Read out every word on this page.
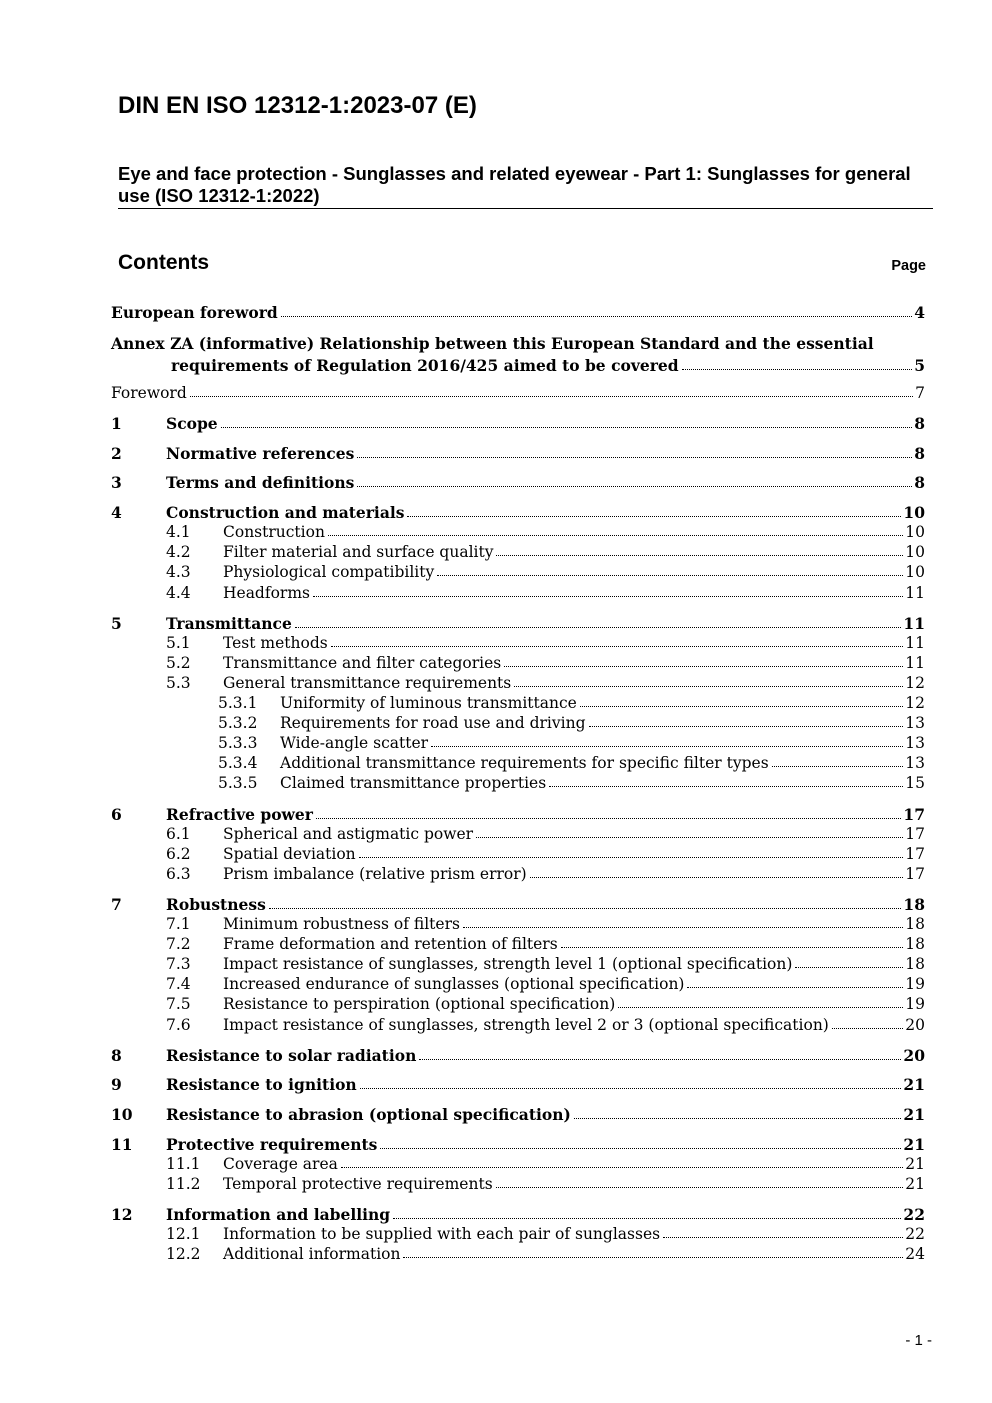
DIN EN ISO 12312-1:2023-07 (E)
Eye and face protection - Sunglasses and related eyewear - Part 1: Sunglasses for general use (ISO 12312-1:2022)
Contents	Page
European foreword	4
Annex ZA (informative) Relationship between this European Standard and the essential
requirements of Regulation 2016/425 aimed to be covered	5
Foreword	7
1	Scope	8
2	Normative references	8
3	Terms and definitions	8
4	Construction and materials	10
4.1	Construction	10
4.2	Filter material and surface quality	10
4.3	Physiological compatibility	10
4.4	Headforms	11
5	Transmittance	11
5.1	Test methods	11
5.2	Transmittance and filter categories	11
5.3	General transmittance requirements	12
5.3.1	Uniformity of luminous transmittance	12
5.3.2	Requirements for road use and driving	13
5.3.3	Wide-angle scatter	13
5.3.4	Additional transmittance requirements for specific filter types	13
5.3.5	Claimed transmittance properties	15
6	Refractive power	17
6.1	Spherical and astigmatic power	17
6.2	Spatial deviation	17
6.3	Prism imbalance (relative prism error)	17
7	Robustness	18
7.1	Minimum robustness of filters	18
7.2	Frame deformation and retention of filters	18
7.3	Impact resistance of sunglasses, strength level 1 (optional specification)	18
7.4	Increased endurance of sunglasses (optional specification)	19
7.5	Resistance to perspiration (optional specification)	19
7.6	Impact resistance of sunglasses, strength level 2 or 3 (optional specification)	20
8	Resistance to solar radiation	20
9	Resistance to ignition	21
10	Resistance to abrasion (optional specification)	21
11	Protective requirements	21
11.1	Coverage area	21
11.2	Temporal protective requirements	21
12	Information and labelling	22
12.1	Information to be supplied with each pair of sunglasses	22
12.2	Additional information	24
- 1 -
